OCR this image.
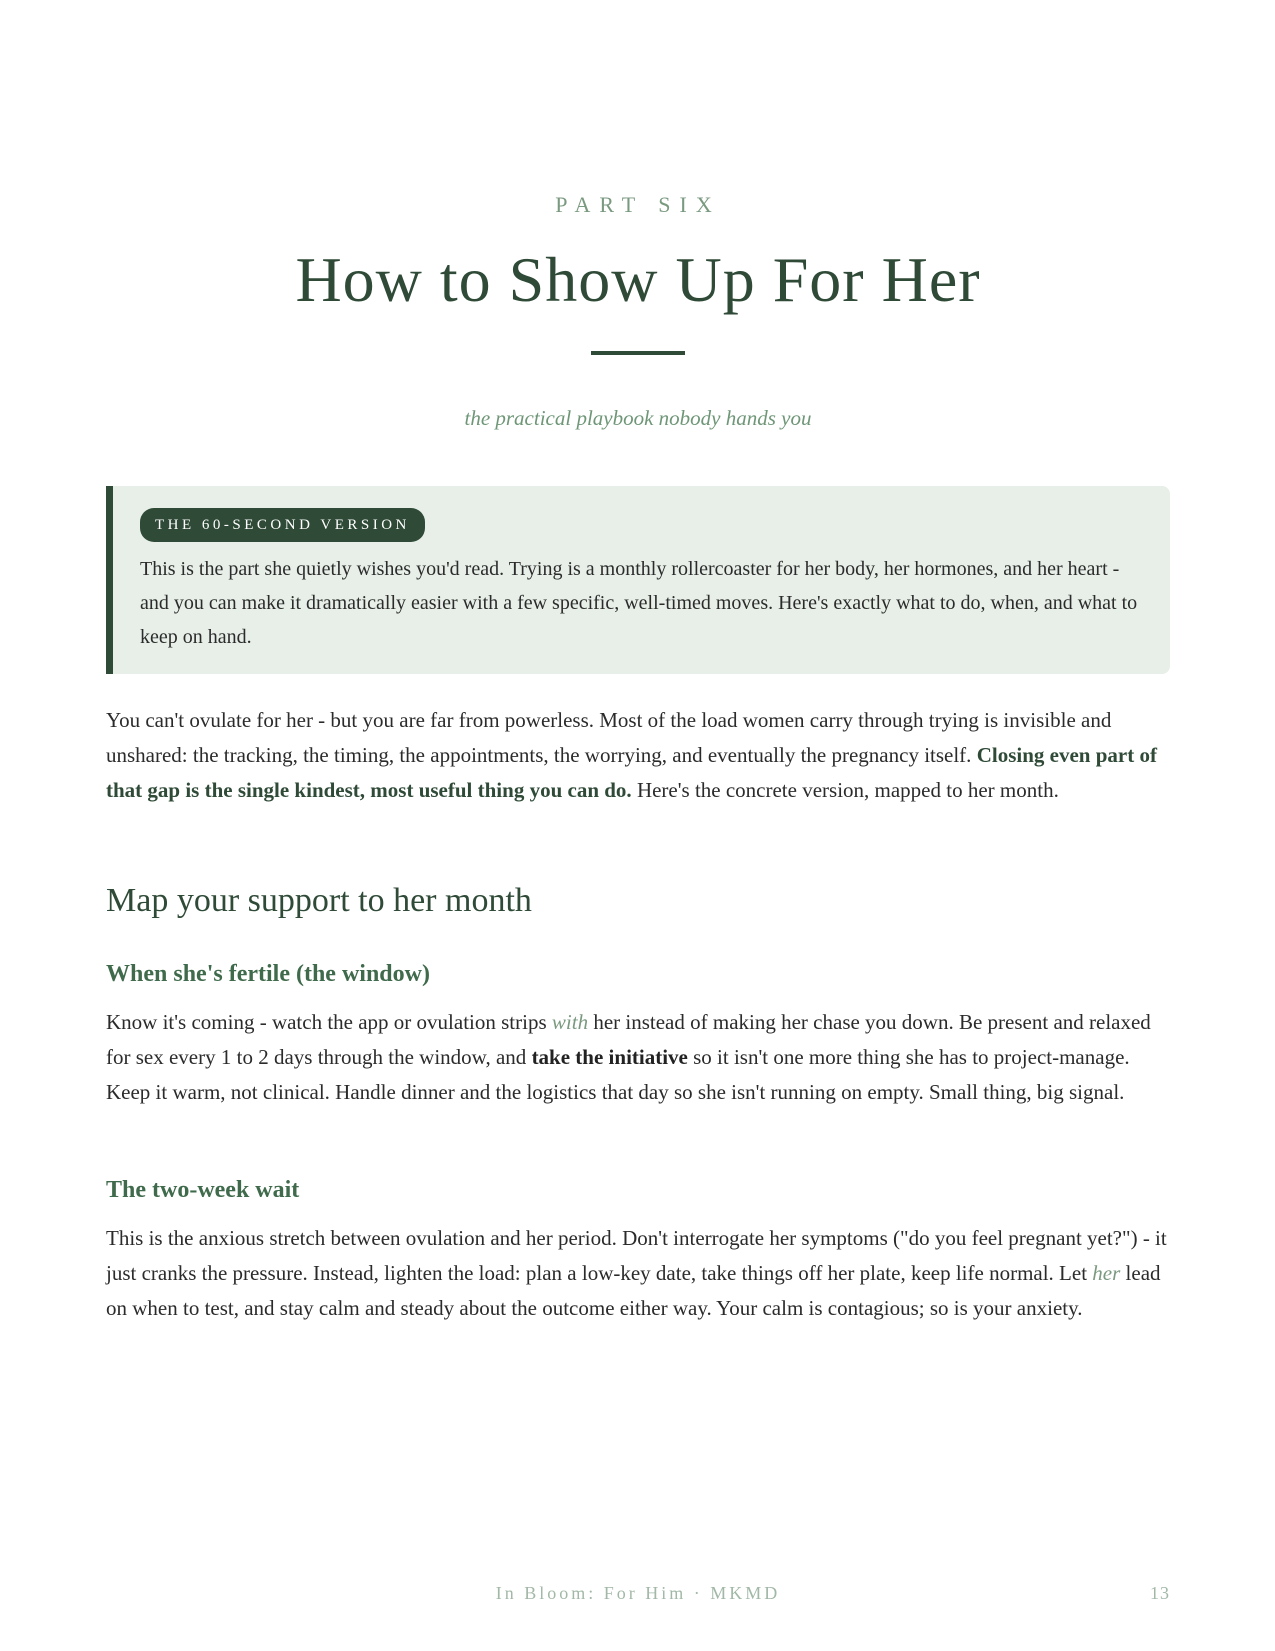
PART SIX
How to Show Up For Her
the practical playbook nobody hands you
THE 60-SECOND VERSION

This is the part she quietly wishes you'd read. Trying is a monthly rollercoaster for her body, her hormones, and her heart - and you can make it dramatically easier with a few specific, well-timed moves. Here's exactly what to do, when, and what to keep on hand.

You can't ovulate for her - but you are far from powerless. Most of the load women carry through trying is invisible and unshared: the tracking, the timing, the appointments, the worrying, and eventually the pregnancy itself. Closing even part of that gap is the single kindest, most useful thing you can do. Here's the concrete version, mapped to her month.

Map your support to her month
When she's fertile (the window)

Know it's coming - watch the app or ovulation strips with her instead of making her chase you down. Be present and relaxed for sex every 1 to 2 days through the window, and take the initiative so it isn't one more thing she has to project-manage. Keep it warm, not clinical. Handle dinner and the logistics that day so she isn't running on empty. Small thing, big signal.

The two-week wait

This is the anxious stretch between ovulation and her period. Don't interrogate her symptoms ("do you feel pregnant yet?") - it just cranks the pressure. Instead, lighten the load: plan a low-key date, take things off her plate, keep life normal. Let her lead on when to test, and stay calm and steady about the outcome either way. Your calm is contagious; so is your anxiety.

In Bloom: For Him · MKMD	13
